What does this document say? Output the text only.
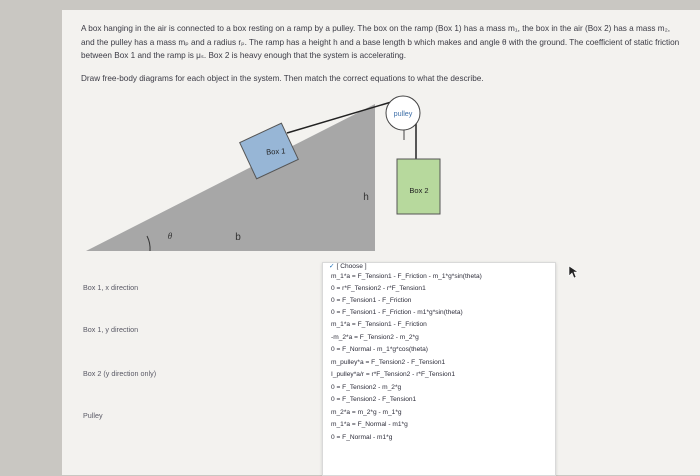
A box hanging in the air is connected to a box resting on a ramp by a pulley. The box on the ramp (Box 1) has a mass m₁, the box in the air (Box 2) has a mass m₂, and the pulley has a mass mₚ and a radius rₚ. The ramp has a height h and a base length b which makes and angle θ with the ground. The coefficient of static friction between Box 1 and the ramp is μₛ. Box 2 is heavy enough that the system is accelerating.

Draw free-body diagrams for each object in the system. Then match the correct equations to what the describe.

Box 1
pulley
Box 2
h
b
θ
Box 1, x direction
Box 1, y direction
Box 2 (y direction only)
Pulley
✓ [ Choose ]
m_1*a = F_Tension1 - F_Friction - m_1*g*sin(theta)
0 = r*F_Tension2 - r*F_Tension1
0 = F_Tension1 - F_Friction
0 = F_Tension1 - F_Friction - m1*g*sin(theta)
m_1*a = F_Tension1 - F_Friction
-m_2*a = F_Tension2 - m_2*g
0 = F_Normal - m_1*g*cos(theta)
m_pulley*a = F_Tension2 - F_Tension1
I_pulley*a/r = r*F_Tension2 - r*F_Tension1
0 = F_Tension2 - m_2*g
0 = F_Tension2 - F_Tension1
m_2*a = m_2*g - m_1*g
m_1*a = F_Normal - m1*g
0 = F_Normal - m1*g
